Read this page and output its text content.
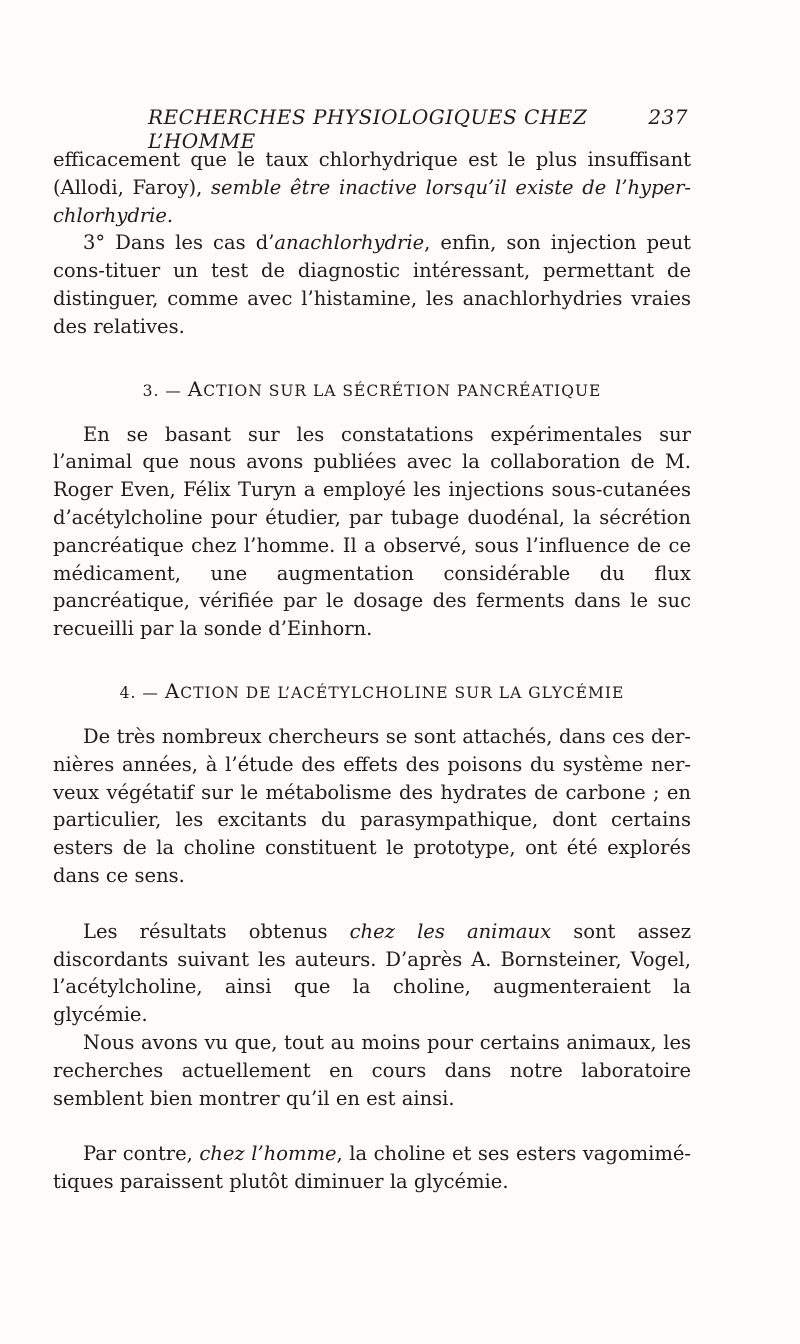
RECHERCHES PHYSIOLOGIQUES CHEZ L’HOMME
237

efficacement que le taux chlorhydrique est le plus insuffisant (Allodi, Faroy), semble être inactive lorsqu’il existe de l’hyper-chlorhydrie.

3° Dans les cas d’anachlorhydrie, enfin, son injection peut cons-tituer un test de diagnostic intéressant, permettant de distinguer, comme avec l’histamine, les anachlorhydries vraies des relatives.

3. — ACTION SUR LA SÉCRÉTION PANCRÉATIQUE

En se basant sur les constatations expérimentales sur l’animal que nous avons publiées avec la collaboration de M. Roger Even, Félix Turyn a employé les injections sous-cutanées d’acétylcholine pour étudier, par tubage duodénal, la sécrétion pancréatique chez l’homme. Il a observé, sous l’influence de ce médicament, une augmentation considérable du flux pancréatique, vérifiée par le dosage des ferments dans le suc recueilli par la sonde d’Einhorn.

4. — ACTION DE L’ACÉTYLCHOLINE SUR LA GLYCÉMIE

De très nombreux chercheurs se sont attachés, dans ces der-nières années, à l’étude des effets des poisons du système ner-veux végétatif sur le métabolisme des hydrates de carbone ; en particulier, les excitants du parasympathique, dont certains esters de la choline constituent le prototype, ont été explorés dans ce sens.

Les résultats obtenus chez les animaux sont assez discordants suivant les auteurs. D’après A. Bornsteiner, Vogel, l’acétylcholine, ainsi que la choline, augmenteraient la glycémie.

Nous avons vu que, tout au moins pour certains animaux, les recherches actuellement en cours dans notre laboratoire semblent bien montrer qu’il en est ainsi.

Par contre, chez l’homme, la choline et ses esters vagomimé-tiques paraissent plutôt diminuer la glycémie.
